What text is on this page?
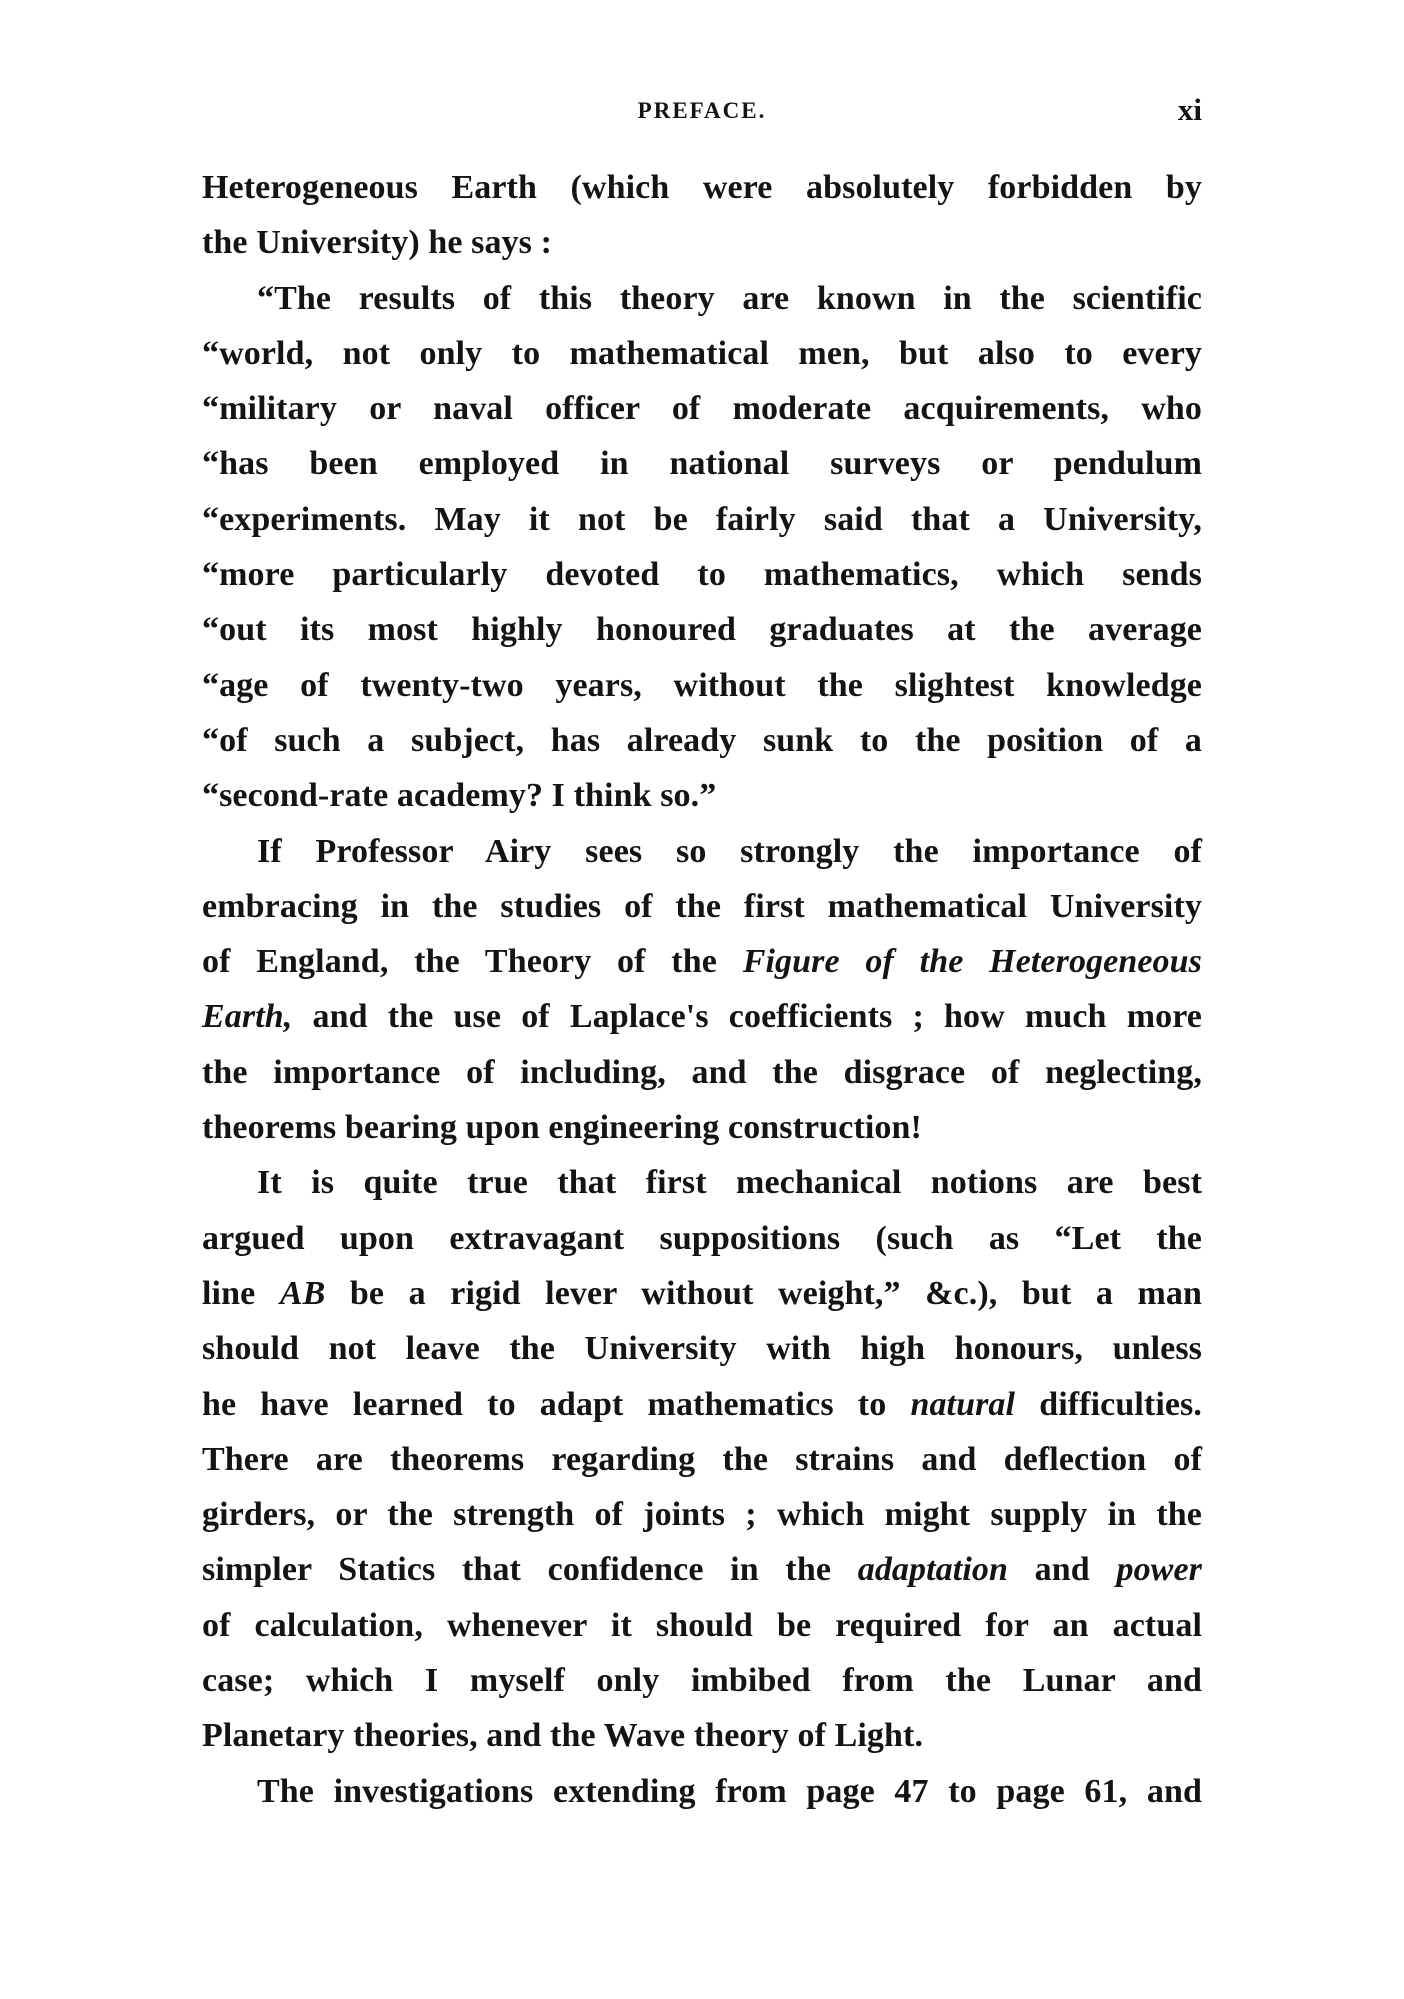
PREFACE.	xi
Heterogeneous Earth (which were absolutely forbidden by
the University) he says :
“The results of this theory are known in the scientific
“world, not only to mathematical men, but also to every
“military or naval officer of moderate acquirements, who
“has been employed in national surveys or pendulum
“experiments. May it not be fairly said that a University,
“more particularly devoted to mathematics, which sends
“out its most highly honoured graduates at the average
“age of twenty-two years, without the slightest knowledge
“of such a subject, has already sunk to the position of a
“second-rate academy? I think so.”
If Professor Airy sees so strongly the importance of
embracing in the studies of the first mathematical University
of England, the Theory of the Figure of the Heterogeneous
Earth, and the use of Laplace's coefficients ; how much more
the importance of including, and the disgrace of neglecting,
theorems bearing upon engineering construction!
It is quite true that first mechanical notions are best
argued upon extravagant suppositions (such as “Let the
line AB be a rigid lever without weight,” &c.), but a man
should not leave the University with high honours, unless
he have learned to adapt mathematics to natural difficulties.
There are theorems regarding the strains and deflection of
girders, or the strength of joints ; which might supply in the
simpler Statics that confidence in the adaptation and power
of calculation, whenever it should be required for an actual
case; which I myself only imbibed from the Lunar and
Planetary theories, and the Wave theory of Light.
The investigations extending from page 47 to page 61, and
